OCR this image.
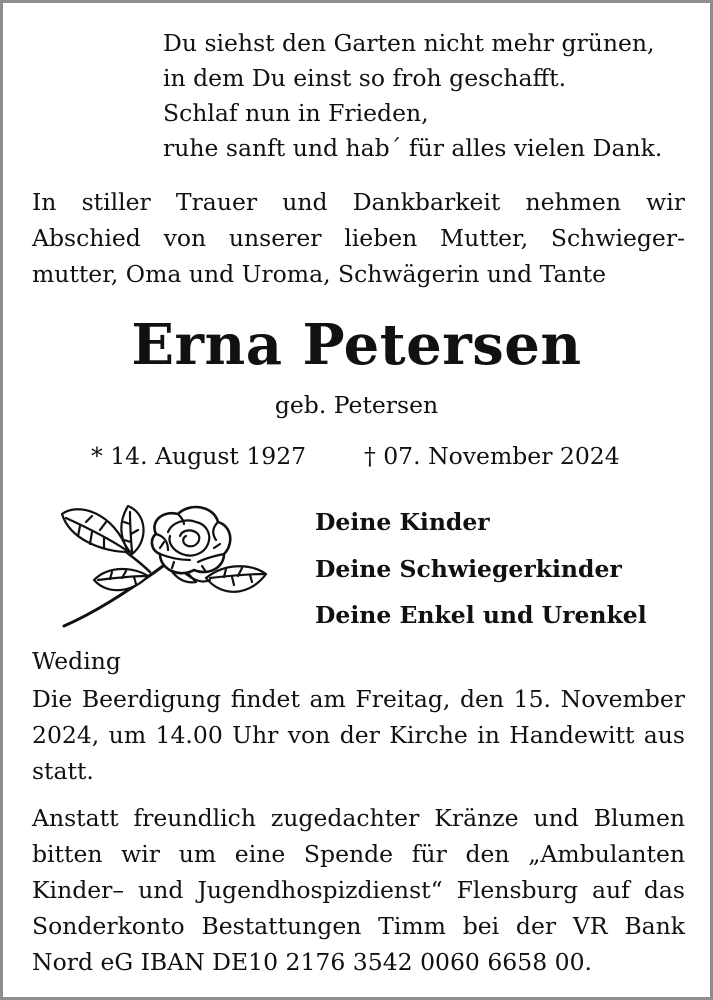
Du siehst den Garten nicht mehr grünen,
in dem Du einst so froh geschafft.
Schlaf nun in Frieden,
ruhe sanft und hab´ für alles vielen Dank.
In stiller Trauer und Dankbarkeit nehmen wir
Abschied von unserer lieben Mutter, Schwieger-
mutter, Oma und Uroma, Schwägerin und Tante
Erna Petersen
geb. Petersen
* 14. August 1927 † 07. November 2024
Deine Kinder
Deine Schwiegerkinder
Deine Enkel und Urenkel
Weding
Die Beerdigung findet am Freitag, den 15. November
2024, um 14.00 Uhr von der Kirche in Handewitt aus
statt.
Anstatt freundlich zugedachter Kränze und Blumen
bitten wir um eine Spende für den „Ambulanten
Kinder– und Jugendhospizdienst“ Flensburg auf das
Sonderkonto Bestattungen Timm bei der VR Bank
Nord eG IBAN DE10 2176 3542 0060 6658 00.
